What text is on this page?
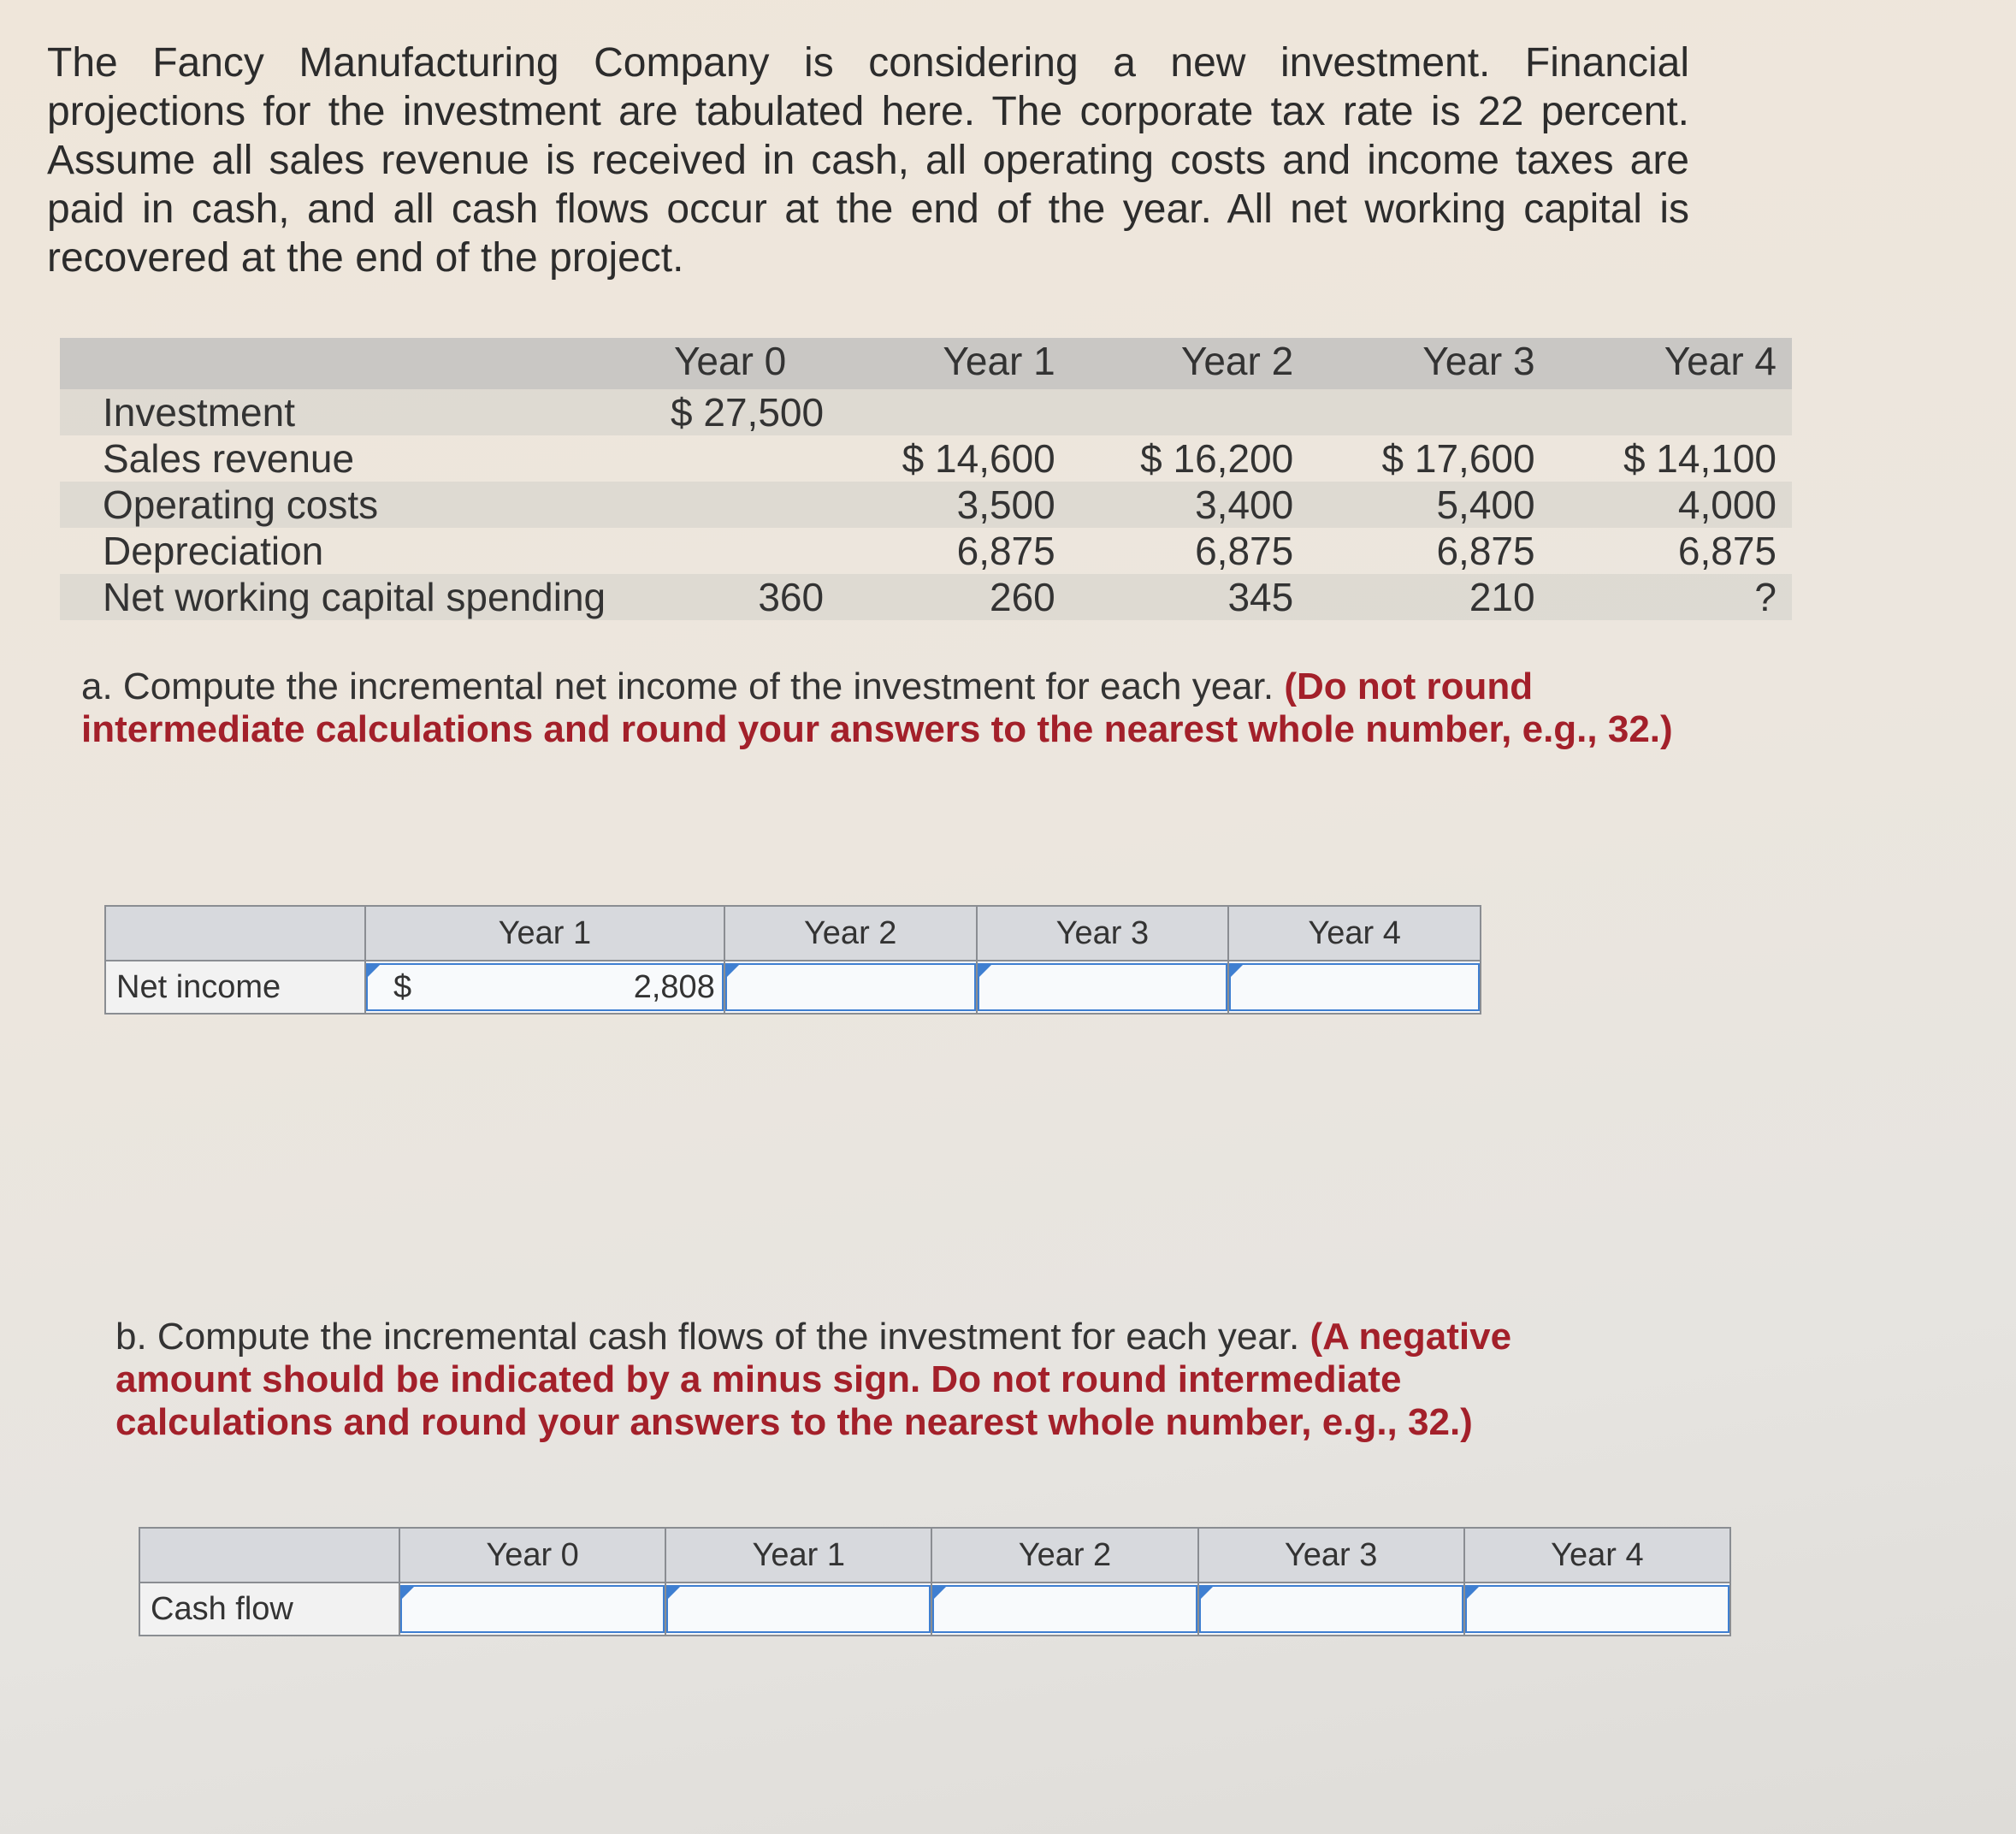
The Fancy Manufacturing Company is considering a new investment. Financial projections for the investment are tabulated here. The corporate tax rate is 22 percent. Assume all sales revenue is received in cash, all operating costs and income taxes are paid in cash, and all cash flows occur at the end of the year. All net working capital is recovered at the end of the project.

	Year 0	Year 1	Year 2	Year 3	Year 4
Investment	$ 27,500				
Sales revenue		$ 14,600	$ 16,200	$ 17,600	$ 14,100
Operating costs		3,500	3,400	5,400	4,000
Depreciation		6,875	6,875	6,875	6,875
Net working capital spending	360	260	345	210	?
a. Compute the incremental net income of the investment for each year. (Do not round intermediate calculations and round your answers to the nearest whole number, e.g., 32.)
	Year 1	Year 2	Year 3	Year 4
Net income	$ 2,808			

b. Compute the incremental cash flows of the investment for each year. (A negative amount should be indicated by a minus sign. Do not round intermediate calculations and round your answers to the nearest whole number, e.g., 32.)
	Year 0	Year 1	Year 2	Year 3	Year 4
Cash flow	
